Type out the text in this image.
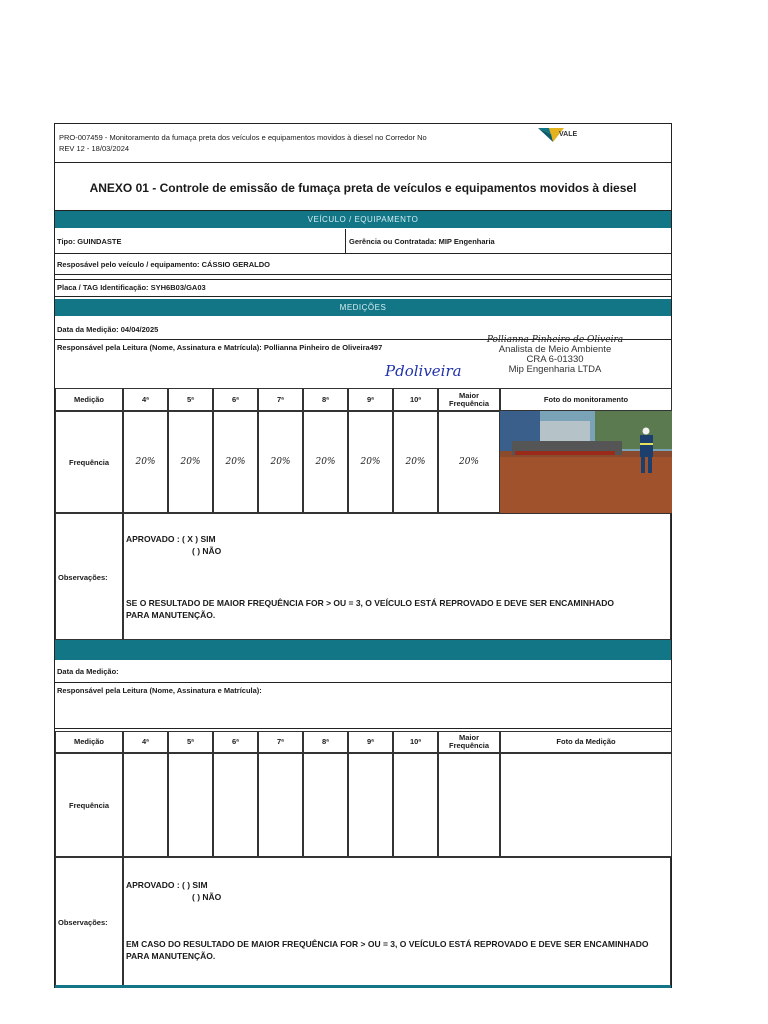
PRO-007459 - Monitoramento da fumaça preta dos veículos e equipamentos movidos à diesel no Corredor No
REV 12 - 18/03/2024
VALE
ANEXO 01 - Controle de emissão de fumaça preta de veículos e equipamentos movidos à diesel
VEÍCULO / EQUIPAMENTO
Tipo: GUINDASTE	Gerência ou Contratada: MIP Engenharia
Resposável pelo veículo / equipamento: CÁSSIO GERALDO
Placa / TAG Identificação: SYH6B03/GA03
MEDIÇÕES
Data da Medição: 04/04/2025
Responsável pela Leitura (Nome, Assinatura e Matrícula): Pollianna Pinheiro de Oliveira497
Pollianna Pinheiro de Oliveira
Analista de Meio Ambiente
CRA 6-01330
Mip Engenharia LTDA
Pdoliveira
Medição	4ª	5ª	6ª	7ª	8ª	9ª	10ª	Maior Frequência	Foto do monitoramento
Frequência	20%	20%	20%	20%	20%	20%	20%	20%
Observações:
APROVADO : ( X ) SIM
( ) NÃO
SE O RESULTADO DE MAIOR FREQUÊNCIA FOR > OU = 3, O VEÍCULO ESTÁ REPROVADO E DEVE SER ENCAMINHADO PARA MANUTENÇÃO.
Data da Medição:
Responsável pela Leitura (Nome, Assinatura e Matrícula):
Medição	4ª	5ª	6ª	7ª	8ª	9ª	10ª	Maior Frequência	Foto da Medição
Frequência
Observações:
APROVADO : ( ) SIM
( ) NÃO
EM CASO DO RESULTADO DE MAIOR FREQUÊNCIA FOR > OU = 3, O VEÍCULO ESTÁ REPROVADO E DEVE SER ENCAMINHADO PARA MANUTENÇÃO.
